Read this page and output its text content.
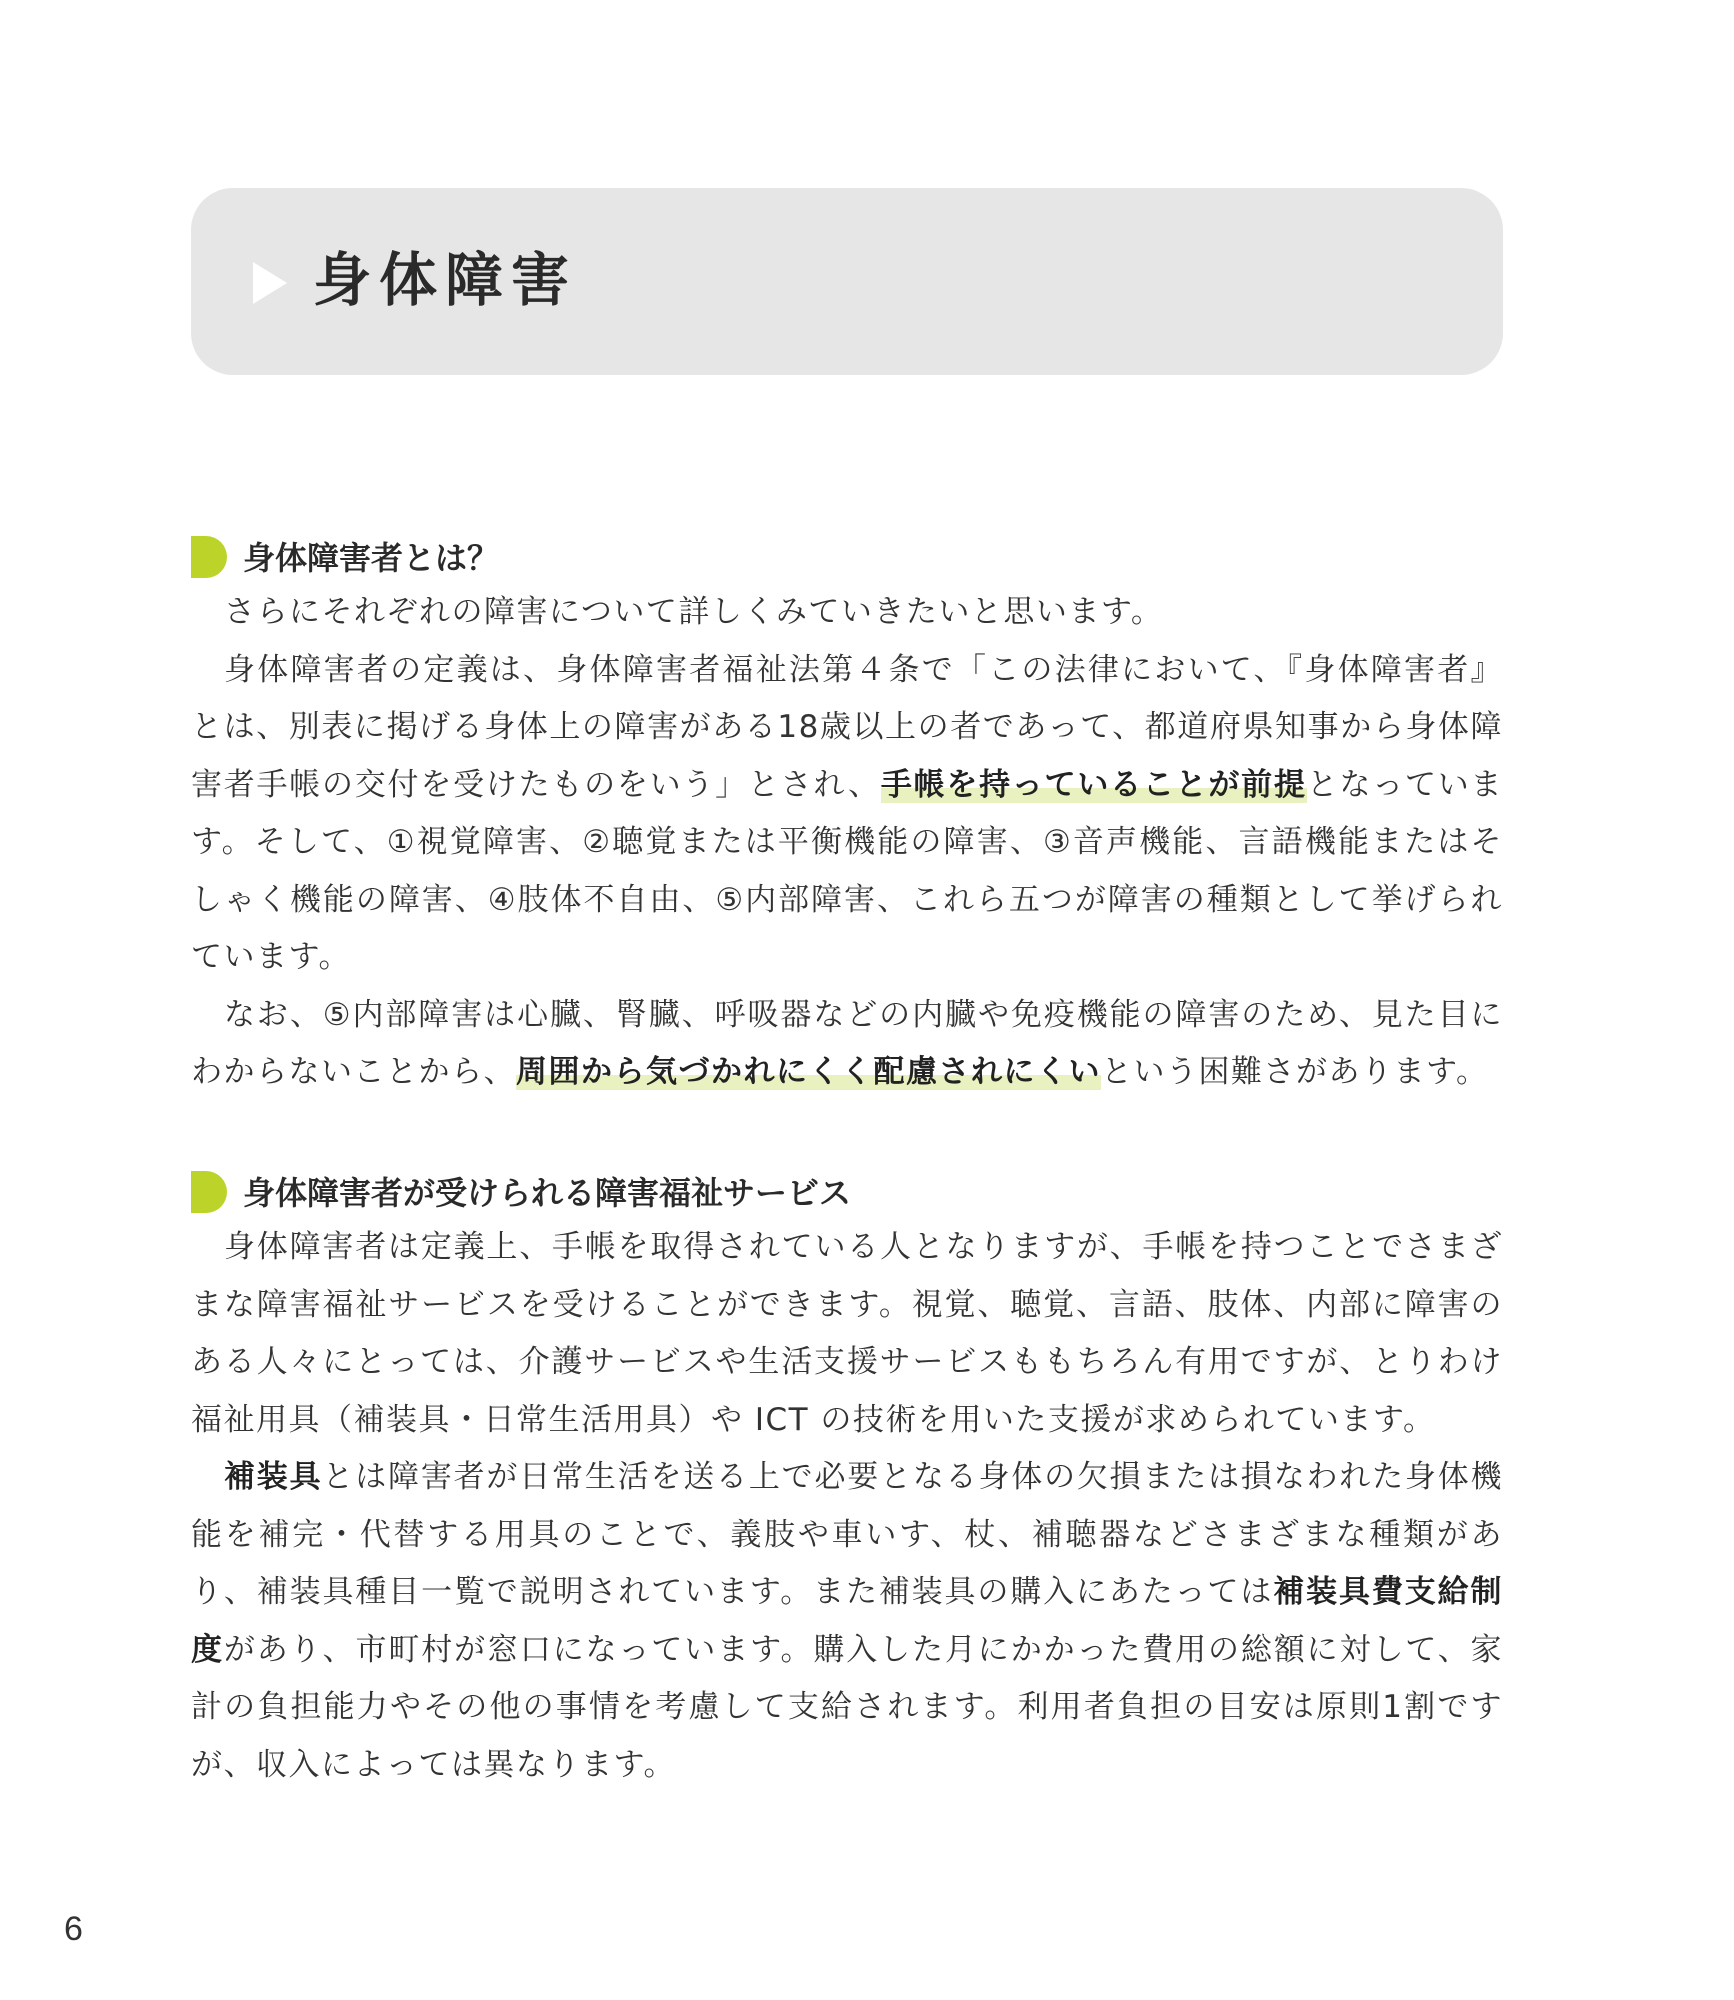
身体障害
身体障害者とは？

さらにそれぞれの障害について詳しくみていきたいと思います。

身体障害者の定義は、身体障害者福祉法第４条で「この法律において、『身体障害者』とは、別表に掲げる身体上の障害がある18歳以上の者であって、都道府県知事から身体障害者手帳の交付を受けたものをいう」とされ、手帳を持っていることが前提となっています。そして、①視覚障害、②聴覚または平衡機能の障害、③音声機能、言語機能またはそしゃく機能の障害、④肢体不自由、⑤内部障害、これら五つが障害の種類として挙げられています。

なお、⑤内部障害は心臓、腎臓、呼吸器などの内臓や免疫機能の障害のため、見た目にわからないことから、周囲から気づかれにくく配慮されにくいという困難さがあります。

身体障害者が受けられる障害福祉サービス

身体障害者は定義上、手帳を取得されている人となりますが、手帳を持つことでさまざまな障害福祉サービスを受けることができます。視覚、聴覚、言語、肢体、内部に障害のある人々にとっては、介護サービスや生活支援サービスももちろん有用ですが、とりわけ福祉用具（補装具・日常生活用具）や ICT の技術を用いた支援が求められています。

補装具とは障害者が日常生活を送る上で必要となる身体の欠損または損なわれた身体機能を補完・代替する用具のことで、義肢や車いす、杖、補聴器などさまざまな種類があり、補装具種目一覧で説明されています。また補装具の購入にあたっては補装具費支給制度があり、市町村が窓口になっています。購入した月にかかった費用の総額に対して、家計の負担能力やその他の事情を考慮して支給されます。利用者負担の目安は原則1割ですが、収入によっては異なります。

6
